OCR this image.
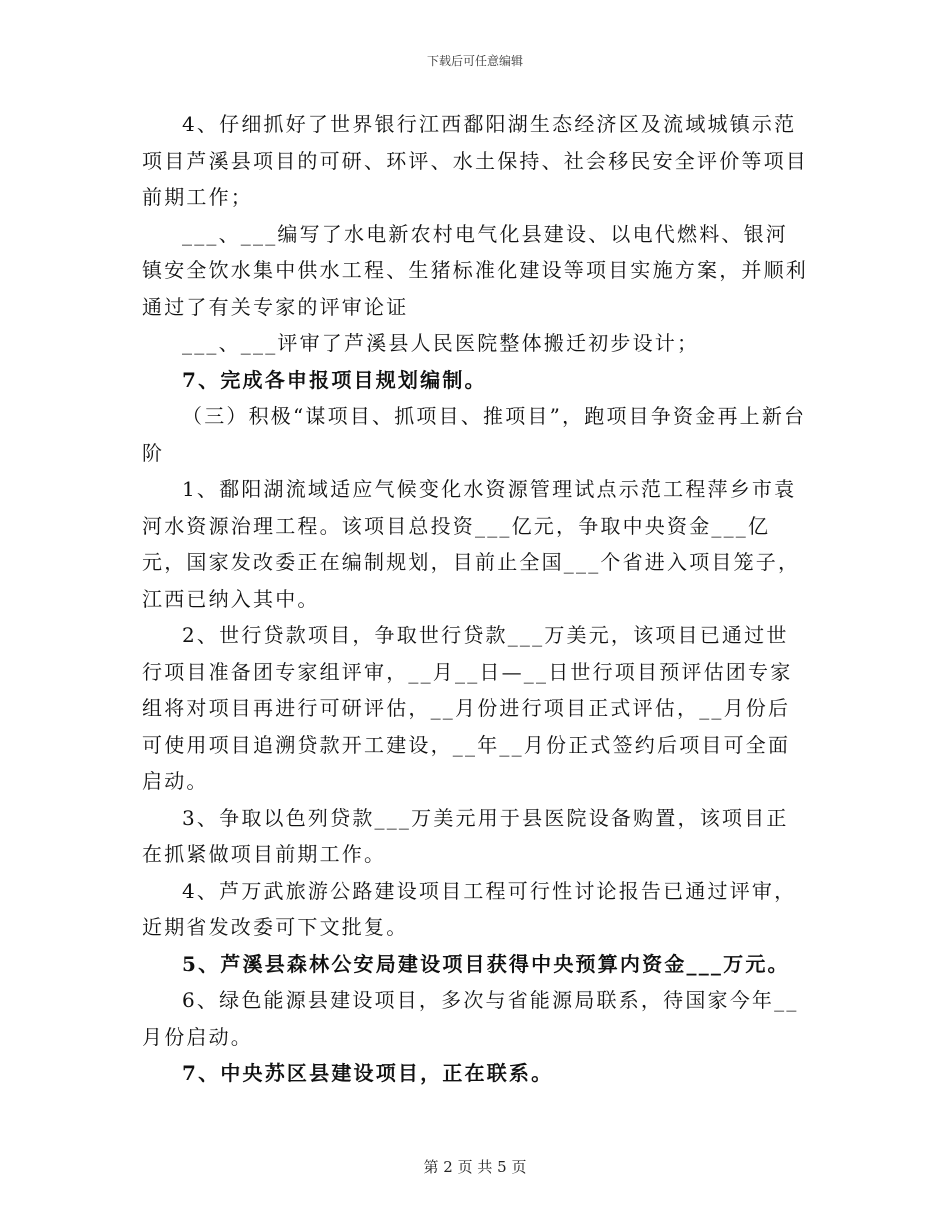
下载后可任意编辑

4、仔细抓好了世界银行江西鄱阳湖生态经济区及流域城镇示范项目芦溪县项目的可研、环评、水土保持、社会移民安全评价等项目前期工作；

___、___编写了水电新农村电气化县建设、以电代燃料、银河镇安全饮水集中供水工程、生猪标准化建设等项目实施方案，并顺利通过了有关专家的评审论证

___、___评审了芦溪县人民医院整体搬迁初步设计；

7、完成各申报项目规划编制。

（三）积极“谋项目、抓项目、推项目”，跑项目争资金再上新台阶

1、鄱阳湖流域适应气候变化水资源管理试点示范工程萍乡市袁河水资源治理工程。该项目总投资___亿元，争取中央资金___亿元，国家发改委正在编制规划，目前止全国___个省进入项目笼子，江西已纳入其中。

2、世行贷款项目，争取世行贷款___万美元，该项目已通过世行项目准备团专家组评审，__月__日—__日世行项目预评估团专家组将对项目再进行可研评估，__月份进行项目正式评估，__月份后可使用项目追溯贷款开工建设，__年__月份正式签约后项目可全面启动。

3、争取以色列贷款___万美元用于县医院设备购置，该项目正在抓紧做项目前期工作。

4、芦万武旅游公路建设项目工程可行性讨论报告已通过评审，近期省发改委可下文批复。

5、芦溪县森林公安局建设项目获得中央预算内资金___万元。

6、绿色能源县建设项目，多次与省能源局联系，待国家今年__月份启动。

7、中央苏区县建设项目，正在联系。

第 2 页 共 5 页
